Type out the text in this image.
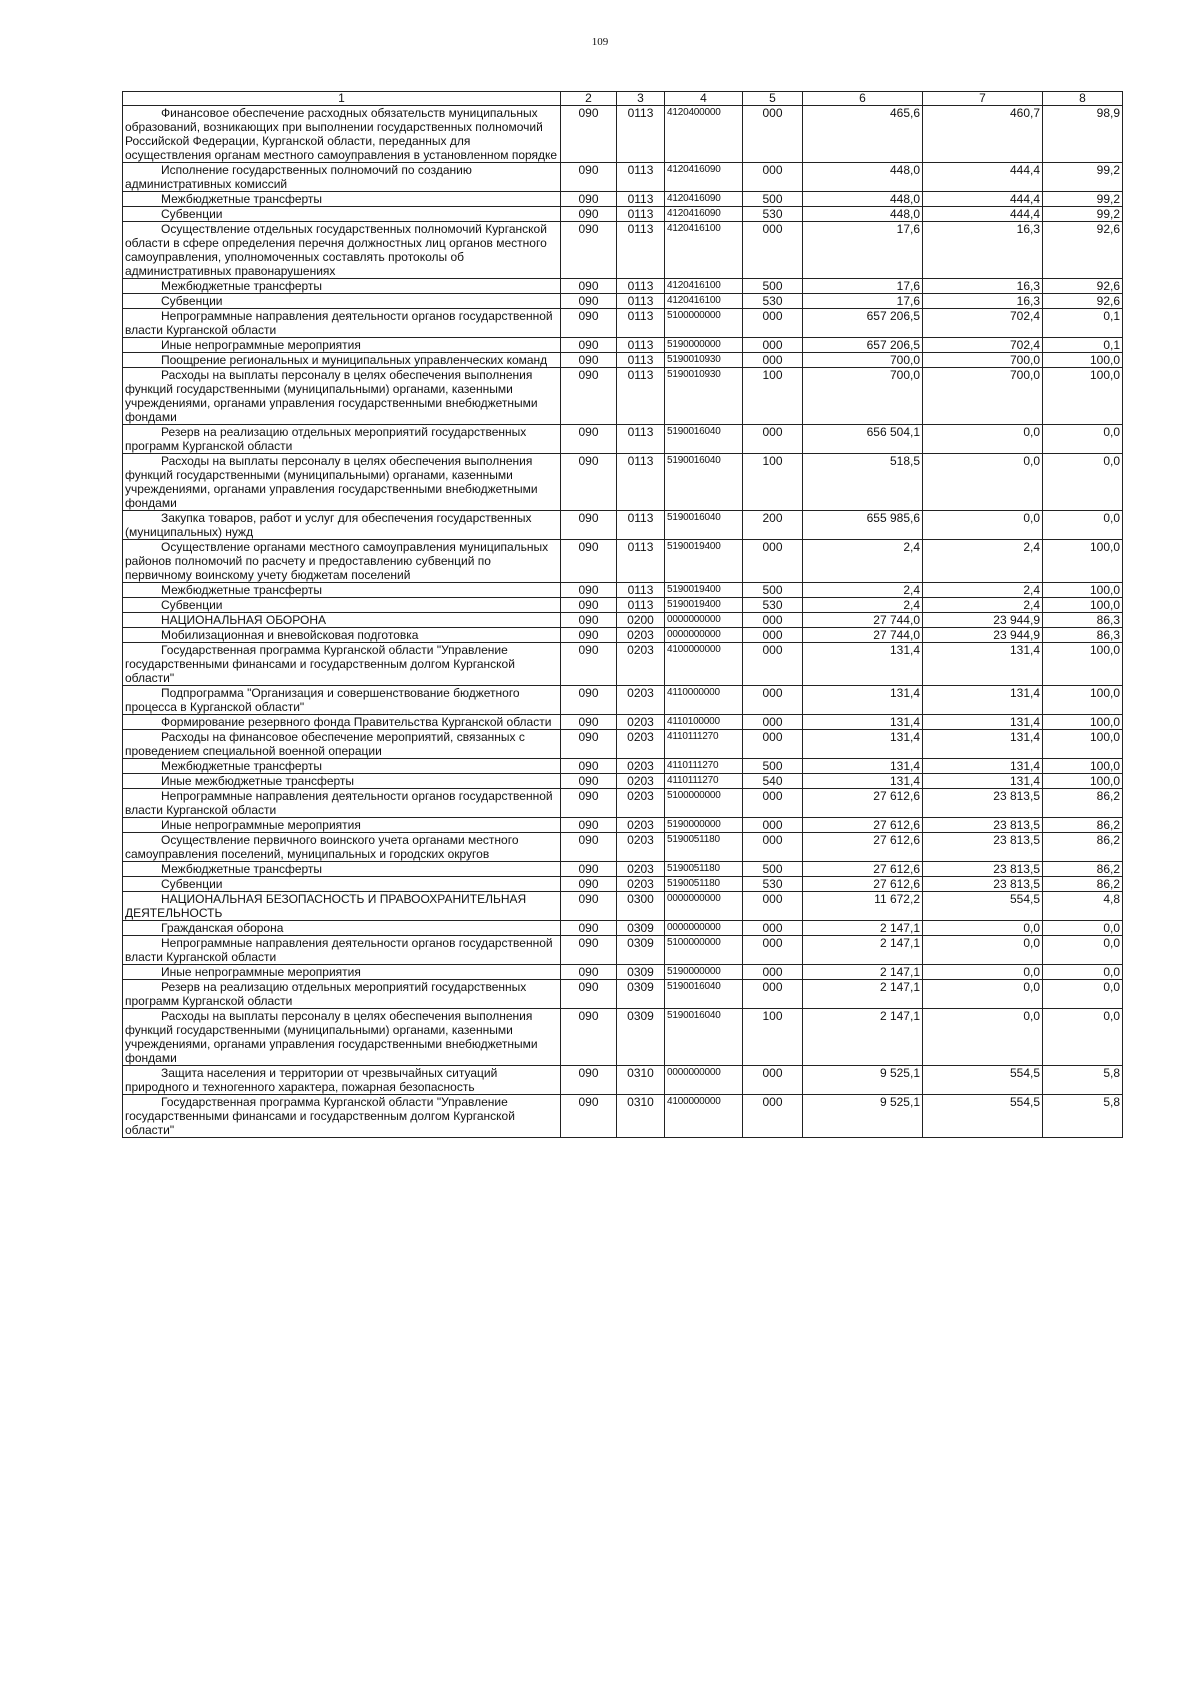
109
1	2	3	4	5	6	7	8
Финансовое обеспечение расходных обязательств муниципальных образований, возникающих при выполнении государственных полномочий Российской Федерации, Курганской области, переданных для осуществления органам местного самоуправления в установленном порядке	090	0113	4120400000	000	465,6	460,7	98,9
Исполнение государственных полномочий по созданию административных комиссий	090	0113	4120416090	000	448,0	444,4	99,2
Межбюджетные трансферты	090	0113	4120416090	500	448,0	444,4	99,2
Субвенции	090	0113	4120416090	530	448,0	444,4	99,2
Осуществление отдельных государственных полномочий Курганской области в сфере определения перечня должностных лиц органов местного самоуправления, уполномоченных составлять протоколы об административных правонарушениях	090	0113	4120416100	000	17,6	16,3	92,6
Межбюджетные трансферты	090	0113	4120416100	500	17,6	16,3	92,6
Субвенции	090	0113	4120416100	530	17,6	16,3	92,6
Непрограммные направления деятельности органов государственной власти Курганской области	090	0113	5100000000	000	657 206,5	702,4	0,1
Иные непрограммные мероприятия	090	0113	5190000000	000	657 206,5	702,4	0,1
Поощрение региональных и муниципальных управленческих команд	090	0113	5190010930	000	700,0	700,0	100,0
Расходы на выплаты персоналу в целях обеспечения выполнения функций государственными (муниципальными) органами, казенными учреждениями, органами управления государственными внебюджетными фондами	090	0113	5190010930	100	700,0	700,0	100,0
Резерв на реализацию отдельных мероприятий государственных программ Курганской области	090	0113	5190016040	000	656 504,1	0,0	0,0
Расходы на выплаты персоналу в целях обеспечения выполнения функций государственными (муниципальными) органами, казенными учреждениями, органами управления государственными внебюджетными фондами	090	0113	5190016040	100	518,5	0,0	0,0
Закупка товаров, работ и услуг для обеспечения государственных (муниципальных) нужд	090	0113	5190016040	200	655 985,6	0,0	0,0
Осуществление органами местного самоуправления муниципальных районов полномочий по расчету и предоставлению субвенций по первичному воинскому учету бюджетам поселений	090	0113	5190019400	000	2,4	2,4	100,0
Межбюджетные трансферты	090	0113	5190019400	500	2,4	2,4	100,0
Субвенции	090	0113	5190019400	530	2,4	2,4	100,0
НАЦИОНАЛЬНАЯ ОБОРОНА	090	0200	0000000000	000	27 744,0	23 944,9	86,3
Мобилизационная и вневойсковая подготовка	090	0203	0000000000	000	27 744,0	23 944,9	86,3
Государственная программа Курганской области "Управление государственными финансами и государственным долгом Курганской области"	090	0203	4100000000	000	131,4	131,4	100,0
Подпрограмма "Организация и совершенствование бюджетного процесса в Курганской области"	090	0203	4110000000	000	131,4	131,4	100,0
Формирование резервного фонда Правительства Курганской области	090	0203	4110100000	000	131,4	131,4	100,0
Расходы на финансовое обеспечение мероприятий, связанных с проведением специальной военной операции	090	0203	4110111270	000	131,4	131,4	100,0
Межбюджетные трансферты	090	0203	4110111270	500	131,4	131,4	100,0
Иные межбюджетные трансферты	090	0203	4110111270	540	131,4	131,4	100,0
Непрограммные направления деятельности органов государственной власти Курганской области	090	0203	5100000000	000	27 612,6	23 813,5	86,2
Иные непрограммные мероприятия	090	0203	5190000000	000	27 612,6	23 813,5	86,2
Осуществление первичного воинского учета органами местного самоуправления поселений, муниципальных и городских округов	090	0203	5190051180	000	27 612,6	23 813,5	86,2
Межбюджетные трансферты	090	0203	5190051180	500	27 612,6	23 813,5	86,2
Субвенции	090	0203	5190051180	530	27 612,6	23 813,5	86,2
НАЦИОНАЛЬНАЯ БЕЗОПАСНОСТЬ И ПРАВООХРАНИТЕЛЬНАЯ ДЕЯТЕЛЬНОСТЬ	090	0300	0000000000	000	11 672,2	554,5	4,8
Гражданская оборона	090	0309	0000000000	000	2 147,1	0,0	0,0
Непрограммные направления деятельности органов государственной власти Курганской области	090	0309	5100000000	000	2 147,1	0,0	0,0
Иные непрограммные мероприятия	090	0309	5190000000	000	2 147,1	0,0	0,0
Резерв на реализацию отдельных мероприятий государственных программ Курганской области	090	0309	5190016040	000	2 147,1	0,0	0,0
Расходы на выплаты персоналу в целях обеспечения выполнения функций государственными (муниципальными) органами, казенными учреждениями, органами управления государственными внебюджетными фондами	090	0309	5190016040	100	2 147,1	0,0	0,0
Защита населения и территории от чрезвычайных ситуаций природного и техногенного характера, пожарная безопасность	090	0310	0000000000	000	9 525,1	554,5	5,8
Государственная программа Курганской области "Управление государственными финансами и государственным долгом Курганской области"	090	0310	4100000000	000	9 525,1	554,5	5,8
